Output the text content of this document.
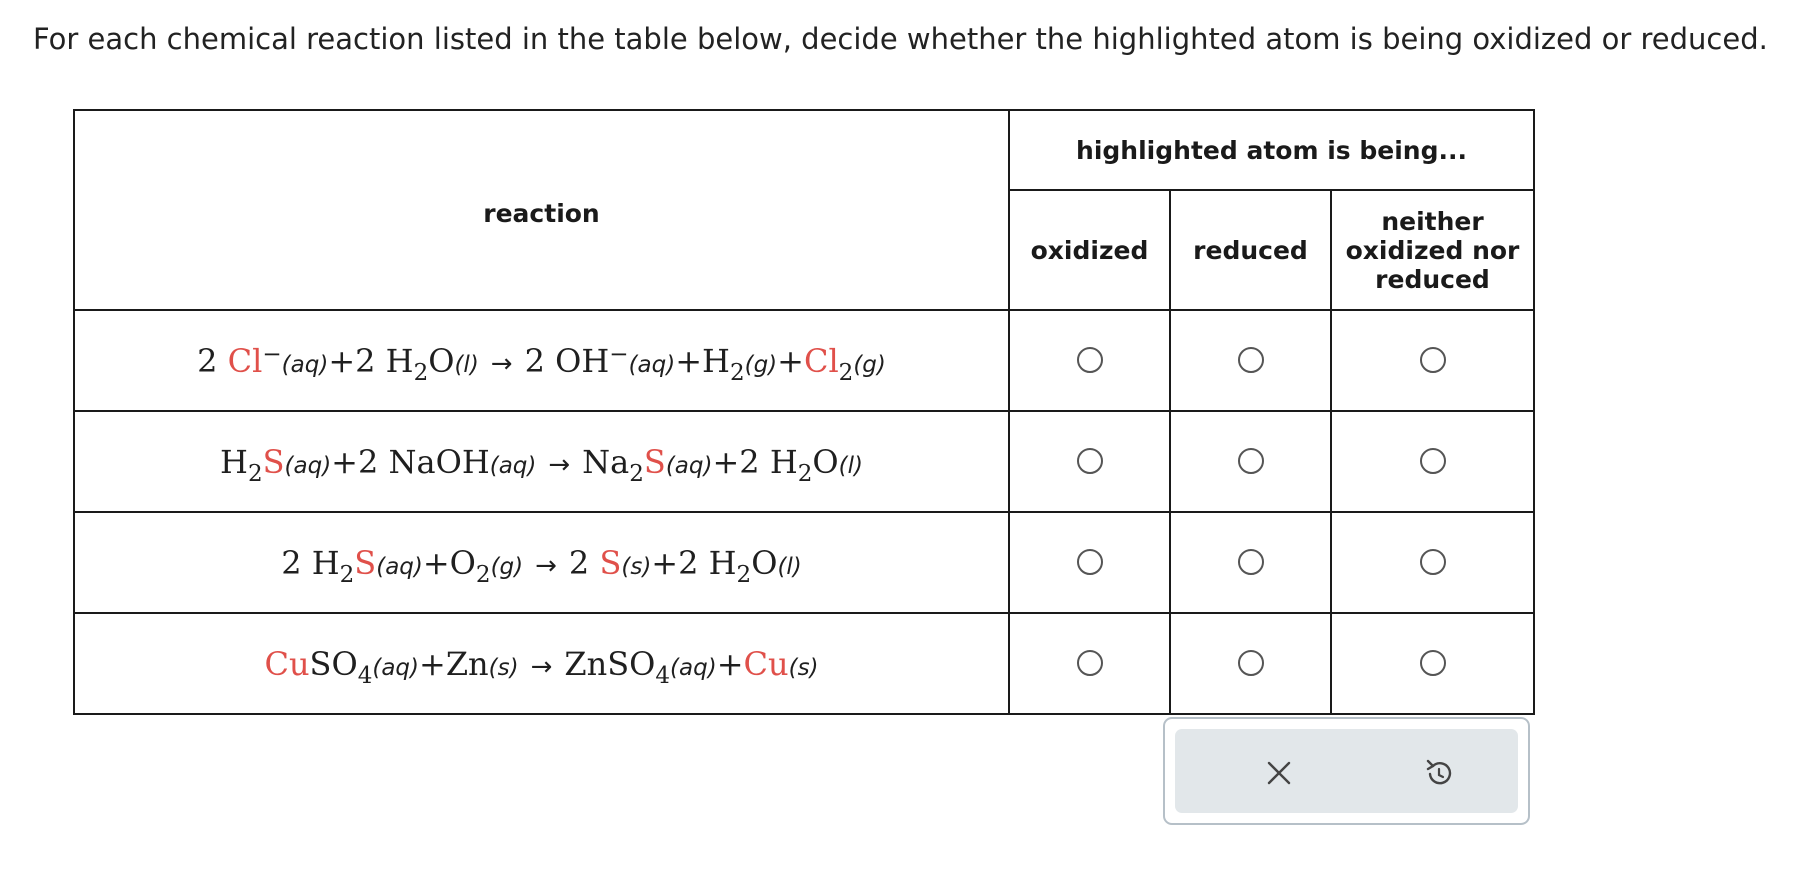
For each chemical reaction listed in the table below, decide whether the highlighted atom is being oxidized or reduced.
reaction	highlighted atom is being...		
	oxidized	reduced	neither
oxidized nor
reduced
2 Cl−(aq)+2 $H_2O(l) \to 2$ $OH^-(aq)+H_2(g)+Cl_2(g)$			
$H_2S(aq)+2$ NaOH(aq) → $Na_2S(aq)+2$ $H_2O(l)$			
2 $H_2S(aq)+O_2(g) \to 2$ S(s)+2 $H_2O(l)$			
CuSO$_4$(aq)+Zn(s) → ZnSO$_4$(aq)+Cu(s)			
